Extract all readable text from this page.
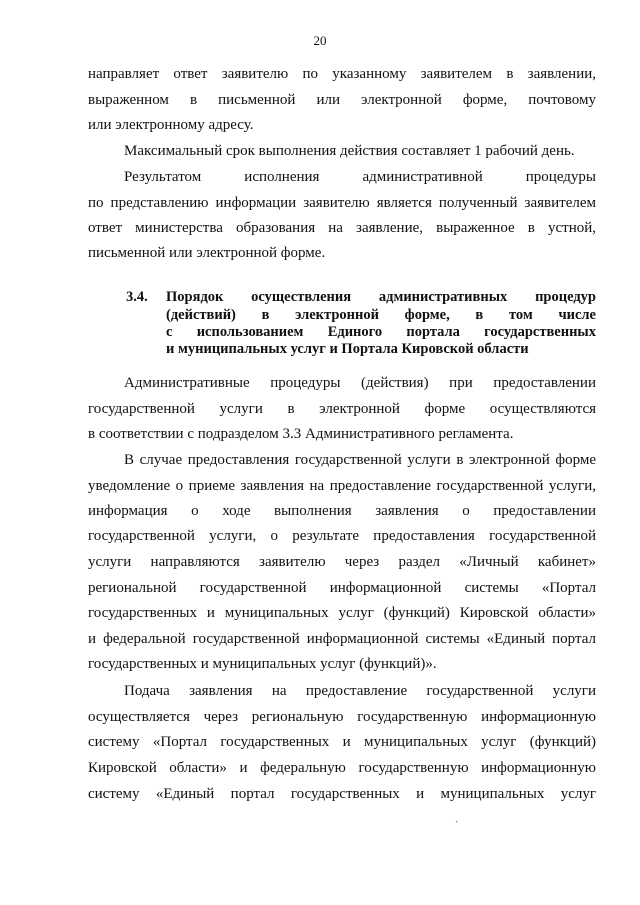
20
направляет ответ заявителю по указанному заявителем в заявлении,
выраженном в письменной или электронной форме, почтовому
или электронному адресу.
Максимальный срок выполнения действия составляет 1 рабочий день.
Результатом исполнения административной процедуры
по представлению информации заявителю является полученный заявителем
ответ министерства образования на заявление, выраженное в устной,
письменной или электронной форме.
3.4. Порядок осуществления административных процедур
(действий) в электронной форме, в том числе
с использованием Единого портала государственных
и муниципальных услуг и Портала Кировской области
Административные процедуры (действия) при предоставлении
государственной услуги в электронной форме осуществляются
в соответствии с подразделом 3.3 Административного регламента.
В случае предоставления государственной услуги в электронной форме
уведомление о приеме заявления на предоставление государственной услуги,
информация о ходе выполнения заявления о предоставлении
государственной услуги, о результате предоставления государственной
услуги направляются заявителю через раздел «Личный кабинет»
региональной государственной информационной системы «Портал
государственных и муниципальных услуг (функций) Кировской области»
и федеральной государственной информационной системы «Единый портал
государственных и муниципальных услуг (функций)».
Подача заявления на предоставление государственной услуги
осуществляется через региональную государственную информационную
систему «Портал государственных и муниципальных услуг (функций)
Кировской области» и федеральную государственную информационную
систему «Единый портал государственных и муниципальных услуг
ˎ
